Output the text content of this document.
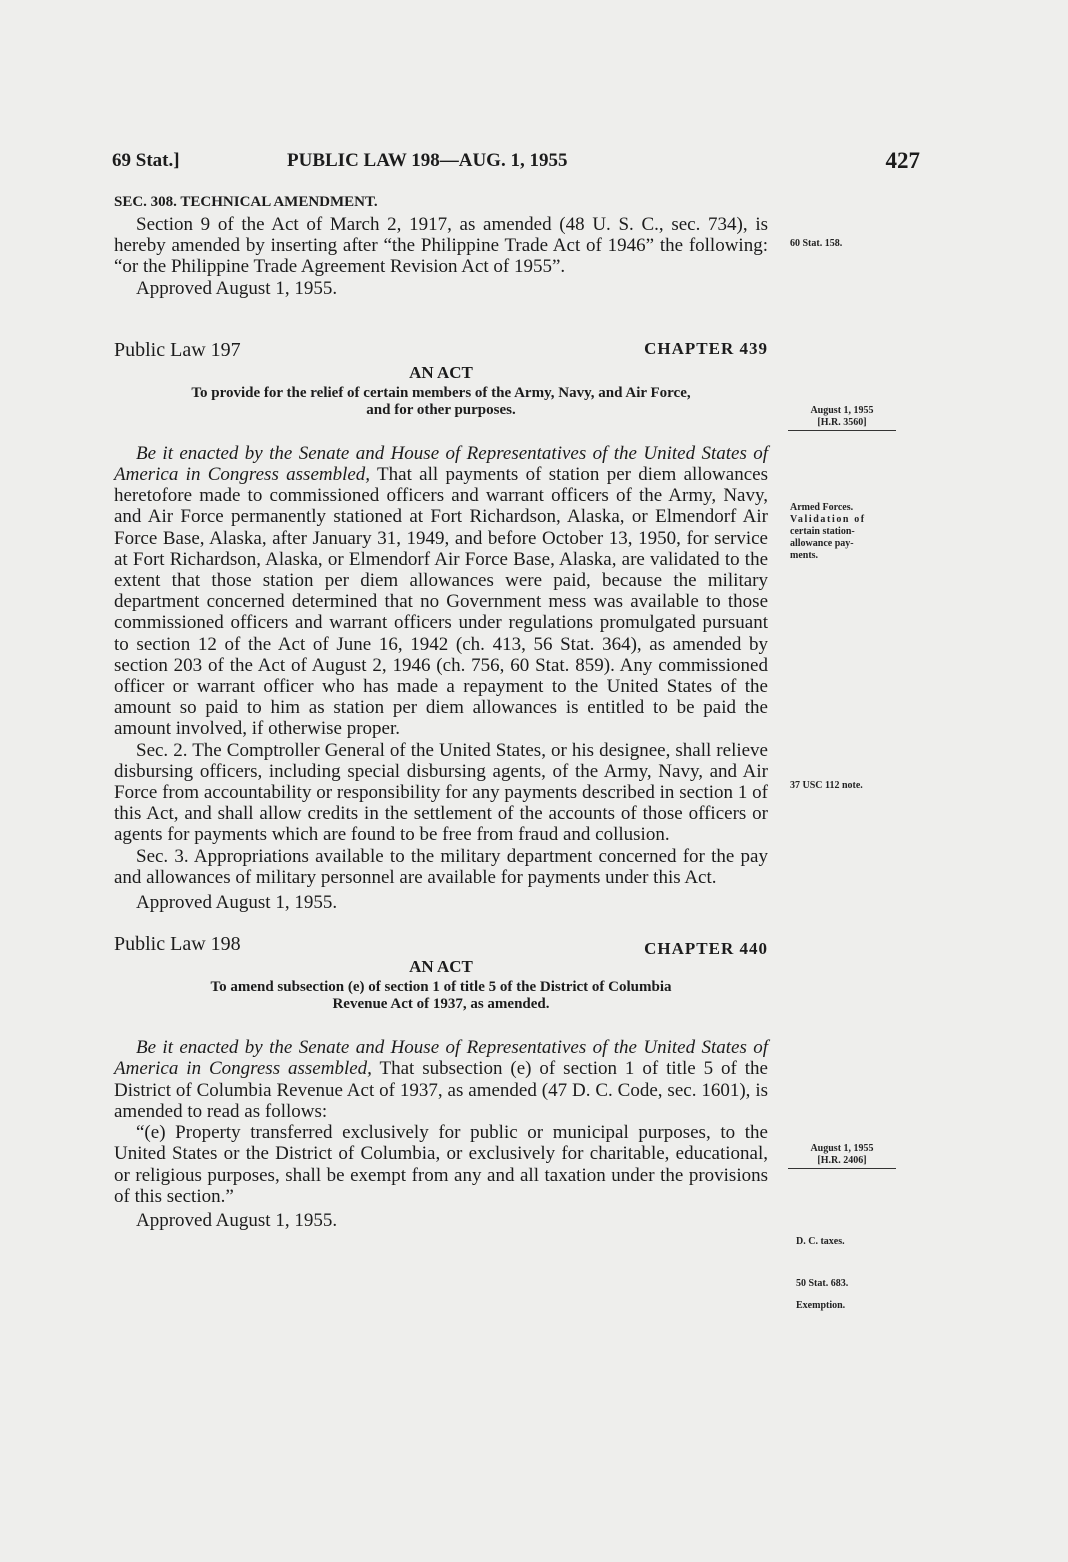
69 Stat.]	PUBLIC LAW 198—AUG. 1, 1955	427

SEC. 308. TECHNICAL AMENDMENT.

Section 9 of the Act of March 2, 1917, as amended (48 U. S. C., sec. 734), is hereby amended by inserting after “the Philippine Trade Act of 1946” the following: “or the Philippine Trade Agreement Revision Act of 1955”.

Approved August 1, 1955.

Public Law 197	CHAPTER 439

AN ACT

To provide for the relief of certain members of the Army, Navy, and Air Force,
and for other purposes.

Be it enacted by the Senate and House of Representatives of the United States of America in Congress assembled, That all payments of station per diem allowances heretofore made to commissioned officers and warrant officers of the Army, Navy, and Air Force permanently stationed at Fort Richardson, Alaska, or Elmendorf Air Force Base, Alaska, after January 31, 1949, and before October 13, 1950, for service at Fort Richardson, Alaska, or Elmendorf Air Force Base, Alaska, are validated to the extent that those station per diem allowances were paid, because the military department concerned determined that no Government mess was available to those commissioned officers and warrant officers under regulations promulgated pursuant to section 12 of the Act of June 16, 1942 (ch. 413, 56 Stat. 364), as amended by section 203 of the Act of August 2, 1946 (ch. 756, 60 Stat. 859). Any commissioned officer or warrant officer who has made a repayment to the United States of the amount so paid to him as station per diem allowances is entitled to be paid the amount involved, if otherwise proper.

Sec. 2. The Comptroller General of the United States, or his designee, shall relieve disbursing officers, including special disbursing agents, of the Army, Navy, and Air Force from accountability or responsibility for any payments described in section 1 of this Act, and shall allow credits in the settlement of the accounts of those officers or agents for payments which are found to be free from fraud and collusion.

Sec. 3. Appropriations available to the military department concerned for the pay and allowances of military personnel are available for payments under this Act.

Approved August 1, 1955.

Public Law 198	CHAPTER 440

AN ACT

To amend subsection (e) of section 1 of title 5 of the District of Columbia
Revenue Act of 1937, as amended.

Be it enacted by the Senate and House of Representatives of the United States of America in Congress assembled, That subsection (e) of section 1 of title 5 of the District of Columbia Revenue Act of 1937, as amended (47 D. C. Code, sec. 1601), is amended to read as follows:

“(e) Property transferred exclusively for public or municipal purposes, to the United States or the District of Columbia, or exclusively for charitable, educational, or religious purposes, shall be exempt from any and all taxation under the provisions of this section.”

Approved August 1, 1955.

60 Stat. 158.
August 1, 1955
[H.R. 3560]
Armed Forces.
Validation of
certain station-
allowance pay-
ments.
37 USC 112 note.
August 1, 1955
[H.R. 2406]
D. C. taxes.
50 Stat. 683.
Exemption.
